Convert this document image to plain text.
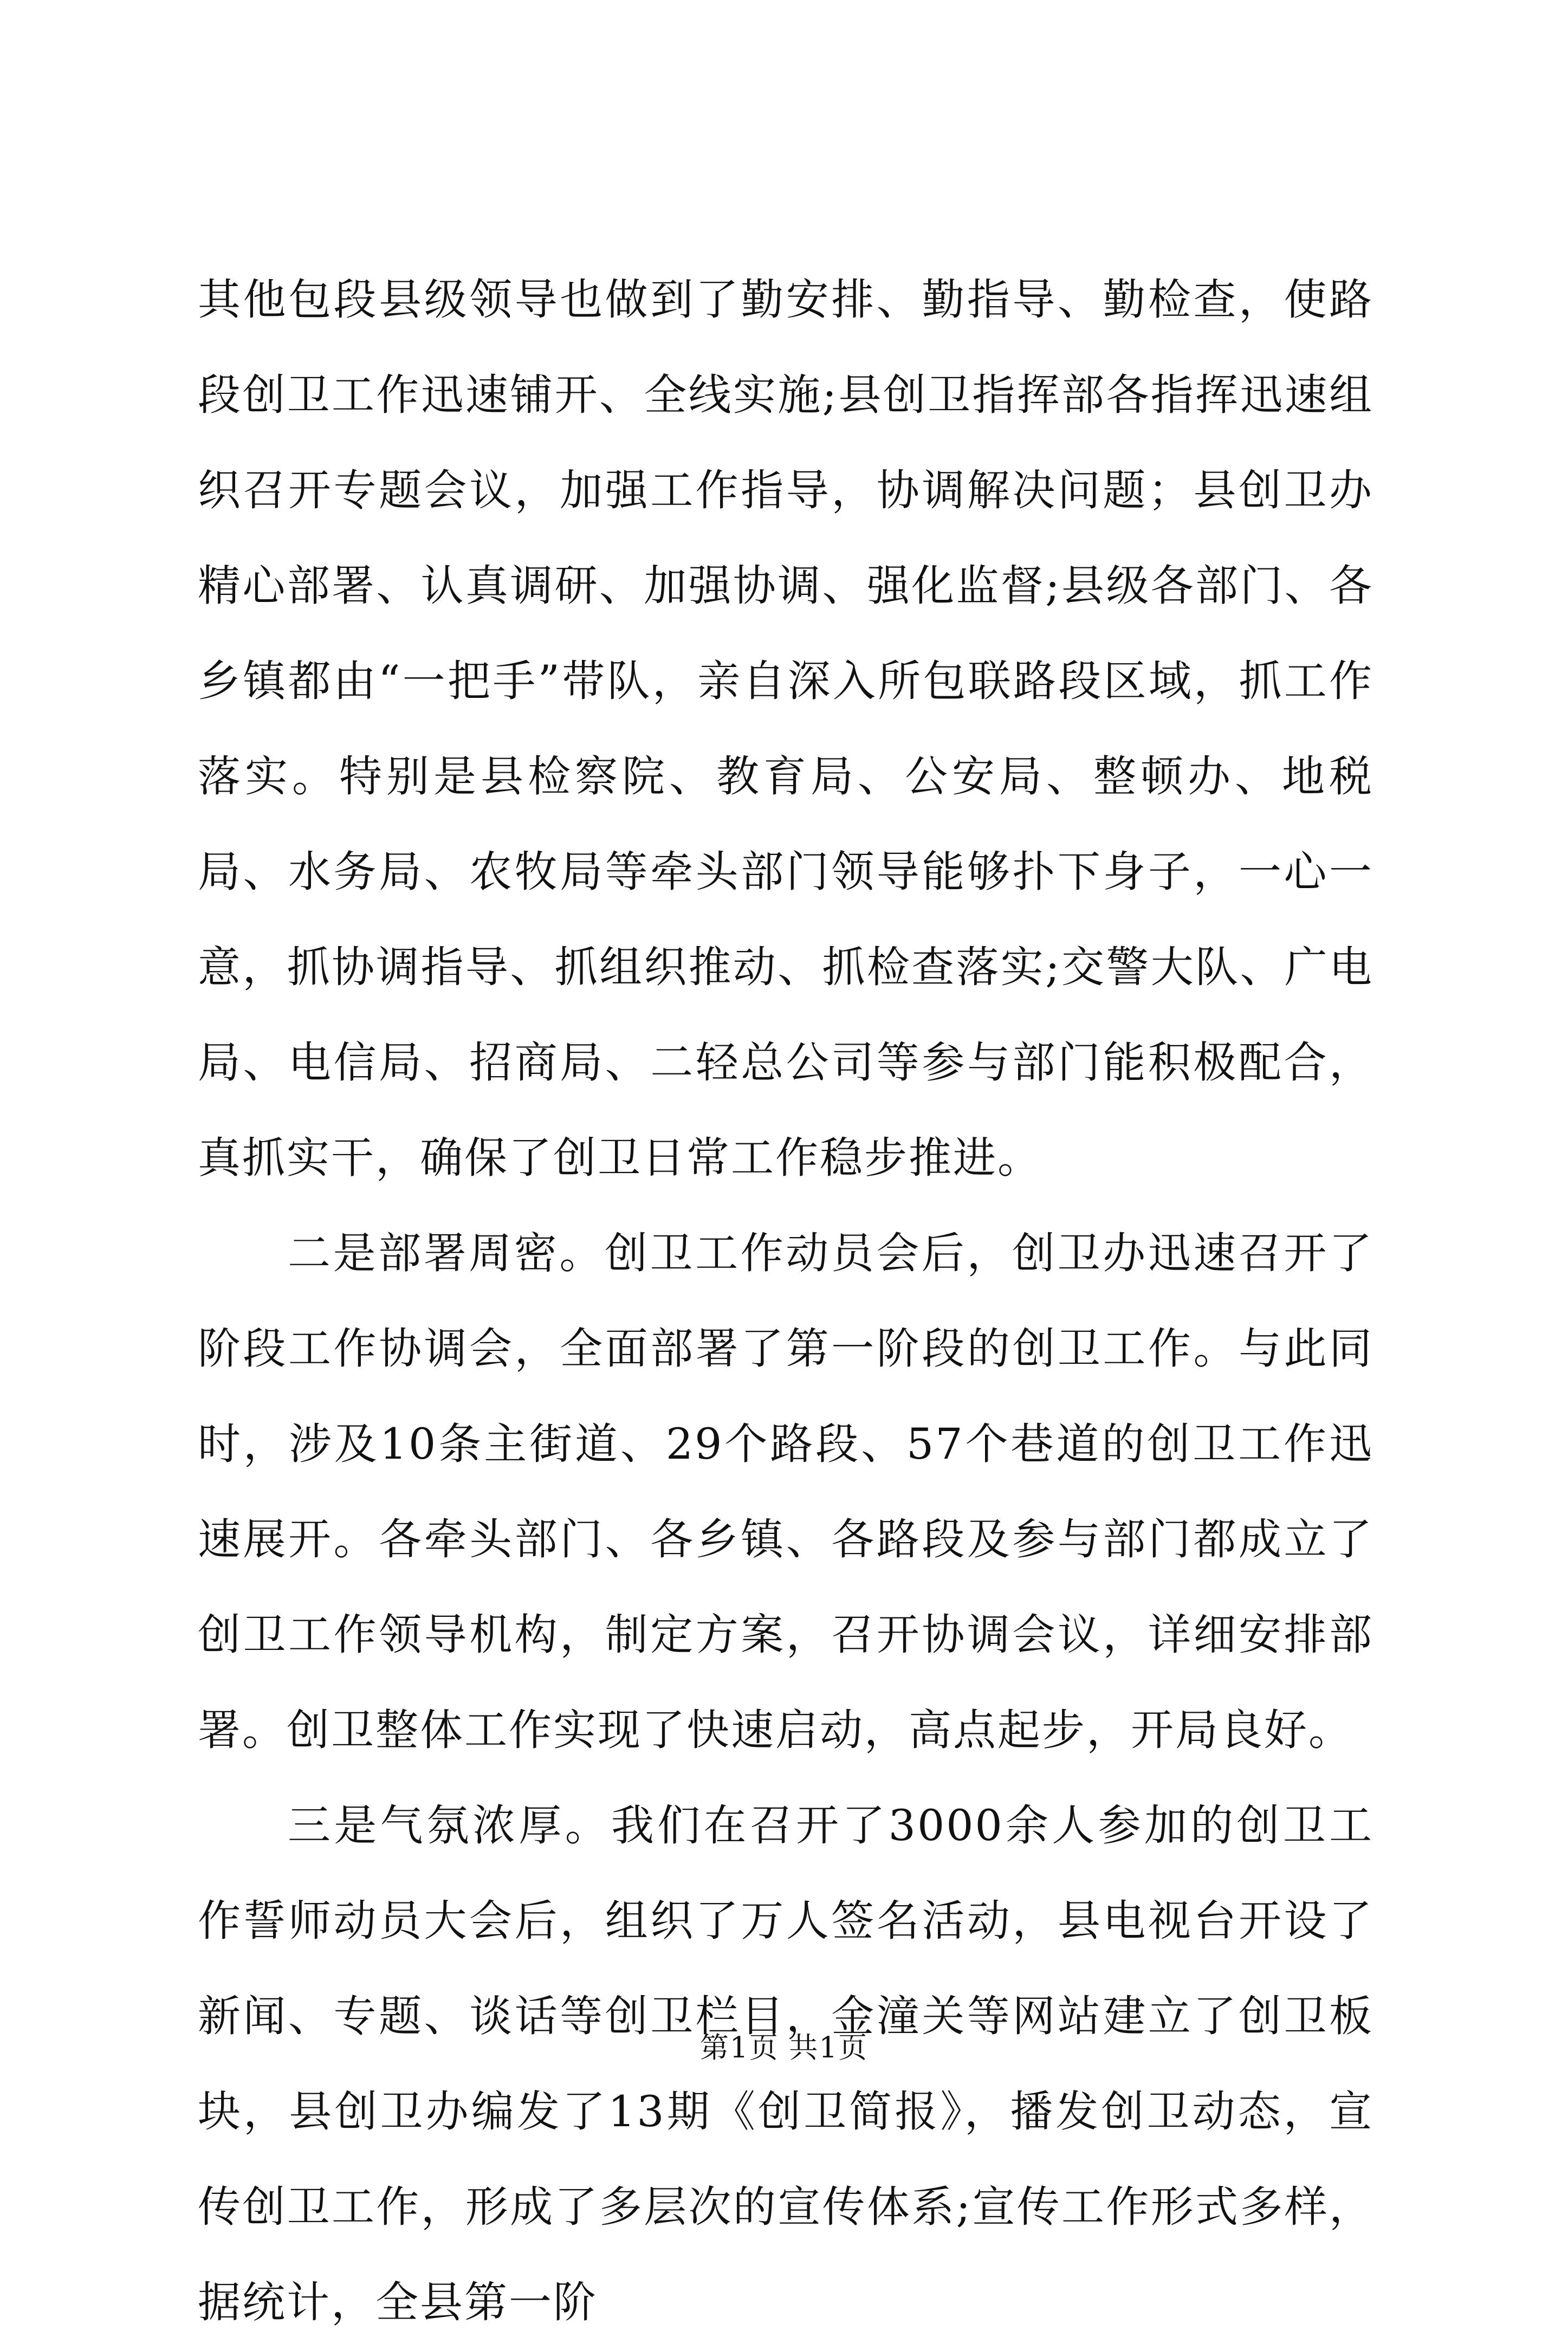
其他包段县级领导也做到了勤安排、勤指导、勤检查，使路段创卫工作迅速铺开、全线实施;县创卫指挥部各指挥迅速组织召开专题会议，加强工作指导，协调解决问题；县创卫办精心部署、认真调研、加强协调、强化监督;县级各部门、各乡镇都由“一把手”带队，亲自深入所包联路段区域，抓工作落实。特别是县检察院、教育局、公安局、整顿办、地税局、水务局、农牧局等牵头部门领导能够扑下身子，一心一意，抓协调指导、抓组织推动、抓检查落实;交警大队、广电局、电信局、招商局、二轻总公司等参与部门能积极配合，真抓实干，确保了创卫日常工作稳步推进。

二是部署周密。创卫工作动员会后，创卫办迅速召开了阶段工作协调会，全面部署了第一阶段的创卫工作。与此同时，涉及10条主街道、29个路段、57个巷道的创卫工作迅速展开。各牵头部门、各乡镇、各路段及参与部门都成立了创卫工作领导机构，制定方案，召开协调会议，详细安排部署。创卫整体工作实现了快速启动，高点起步，开局良好。

三是气氛浓厚。我们在召开了3000余人参加的创卫工作誓师动员大会后，组织了万人签名活动，县电视台开设了新闻、专题、谈话等创卫栏目，金潼关等网站建立了创卫板块，县创卫办编发了13期《创卫简报》，播发创卫动态，宣传创卫工作，形成了多层次的宣传体系;宣传工作形式多样，据统计，全县第一阶

第1页 共1页
